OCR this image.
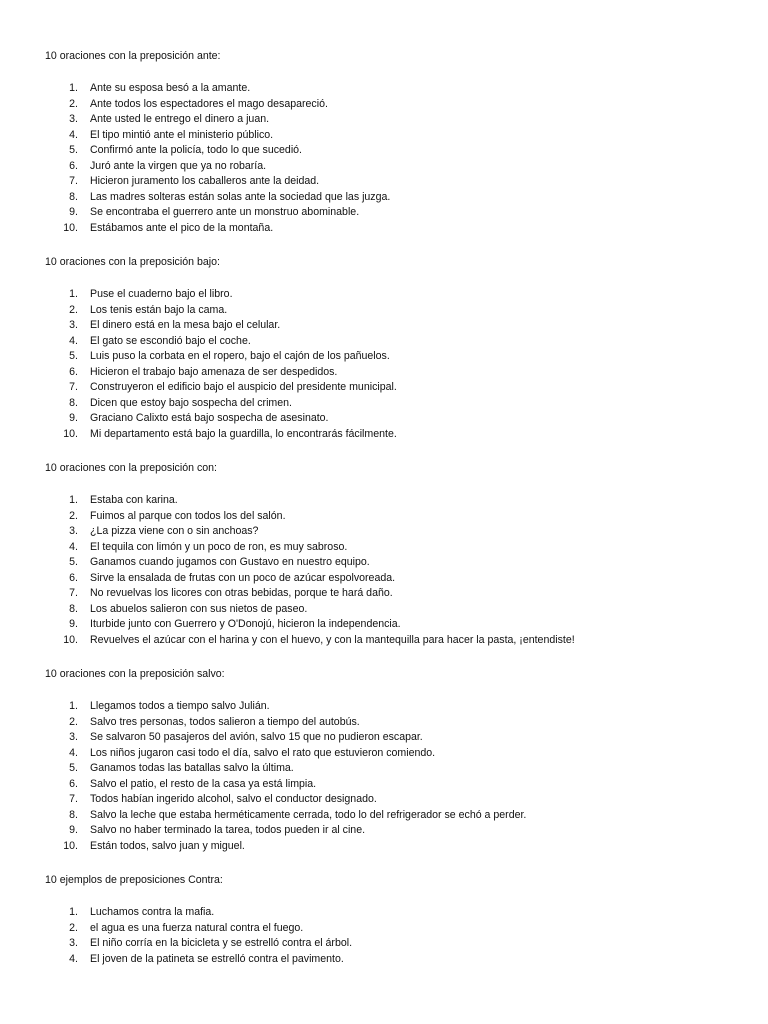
10 oraciones con la preposición ante:
1. Ante su esposa besó a la amante.
2. Ante todos los espectadores el mago desapareció.
3. Ante usted le entrego el dinero a juan.
4. El tipo mintió ante el ministerio público.
5. Confirmó ante la policía, todo lo que sucedió.
6. Juró ante la virgen que ya no robaría.
7. Hicieron juramento los caballeros ante la deidad.
8. Las madres solteras están solas ante la sociedad que las juzga.
9. Se encontraba el guerrero ante un monstruo abominable.
10. Estábamos ante el pico de la montaña.
10 oraciones con la preposición bajo:
1. Puse el cuaderno bajo el libro.
2. Los tenis están bajo la cama.
3. El dinero está en la mesa bajo el celular.
4. El gato se escondió bajo el coche.
5. Luis puso la corbata en el ropero, bajo el cajón de los pañuelos.
6. Hicieron el trabajo bajo amenaza de ser despedidos.
7. Construyeron el edificio bajo el auspicio del presidente municipal.
8. Dicen que estoy bajo sospecha del crimen.
9. Graciano Calixto está bajo sospecha de asesinato.
10. Mi departamento está bajo la guardilla, lo encontrarás fácilmente.
10 oraciones con la preposición con:
1. Estaba con karina.
2. Fuimos al parque con todos los del salón.
3. ¿La pizza viene con o sin anchoas?
4. El tequila con limón y un poco de ron, es muy sabroso.
5. Ganamos cuando jugamos con Gustavo en nuestro equipo.
6. Sirve la ensalada de frutas con un poco de azúcar espolvoreada.
7. No revuelvas los licores con otras bebidas, porque te hará daño.
8. Los abuelos salieron con sus nietos de paseo.
9. Iturbide junto con Guerrero y O'Donojú, hicieron la independencia.
10. Revuelves el azúcar con el harina y con el huevo, y con la mantequilla para hacer la pasta, ¡entendiste!
10 oraciones con la preposición salvo:
1. Llegamos todos a tiempo salvo Julián.
2. Salvo tres personas, todos salieron a tiempo del autobús.
3. Se salvaron 50 pasajeros del avión, salvo 15 que no pudieron escapar.
4. Los niños jugaron casi todo el día, salvo el rato que estuvieron comiendo.
5. Ganamos todas las batallas salvo la última.
6. Salvo el patio, el resto de la casa ya está limpia.
7. Todos habían ingerido alcohol, salvo el conductor designado.
8. Salvo la leche que estaba herméticamente cerrada, todo lo del refrigerador se echó a perder.
9. Salvo no haber terminado la tarea, todos pueden ir al cine.
10. Están todos, salvo juan y miguel.
10 ejemplos de preposiciones Contra:
1. Luchamos contra la mafia.
2. el agua es una fuerza natural contra el fuego.
3. El niño corría en la bicicleta y se estrelló contra el árbol.
4. El joven de la patineta se estrelló contra el pavimento.
